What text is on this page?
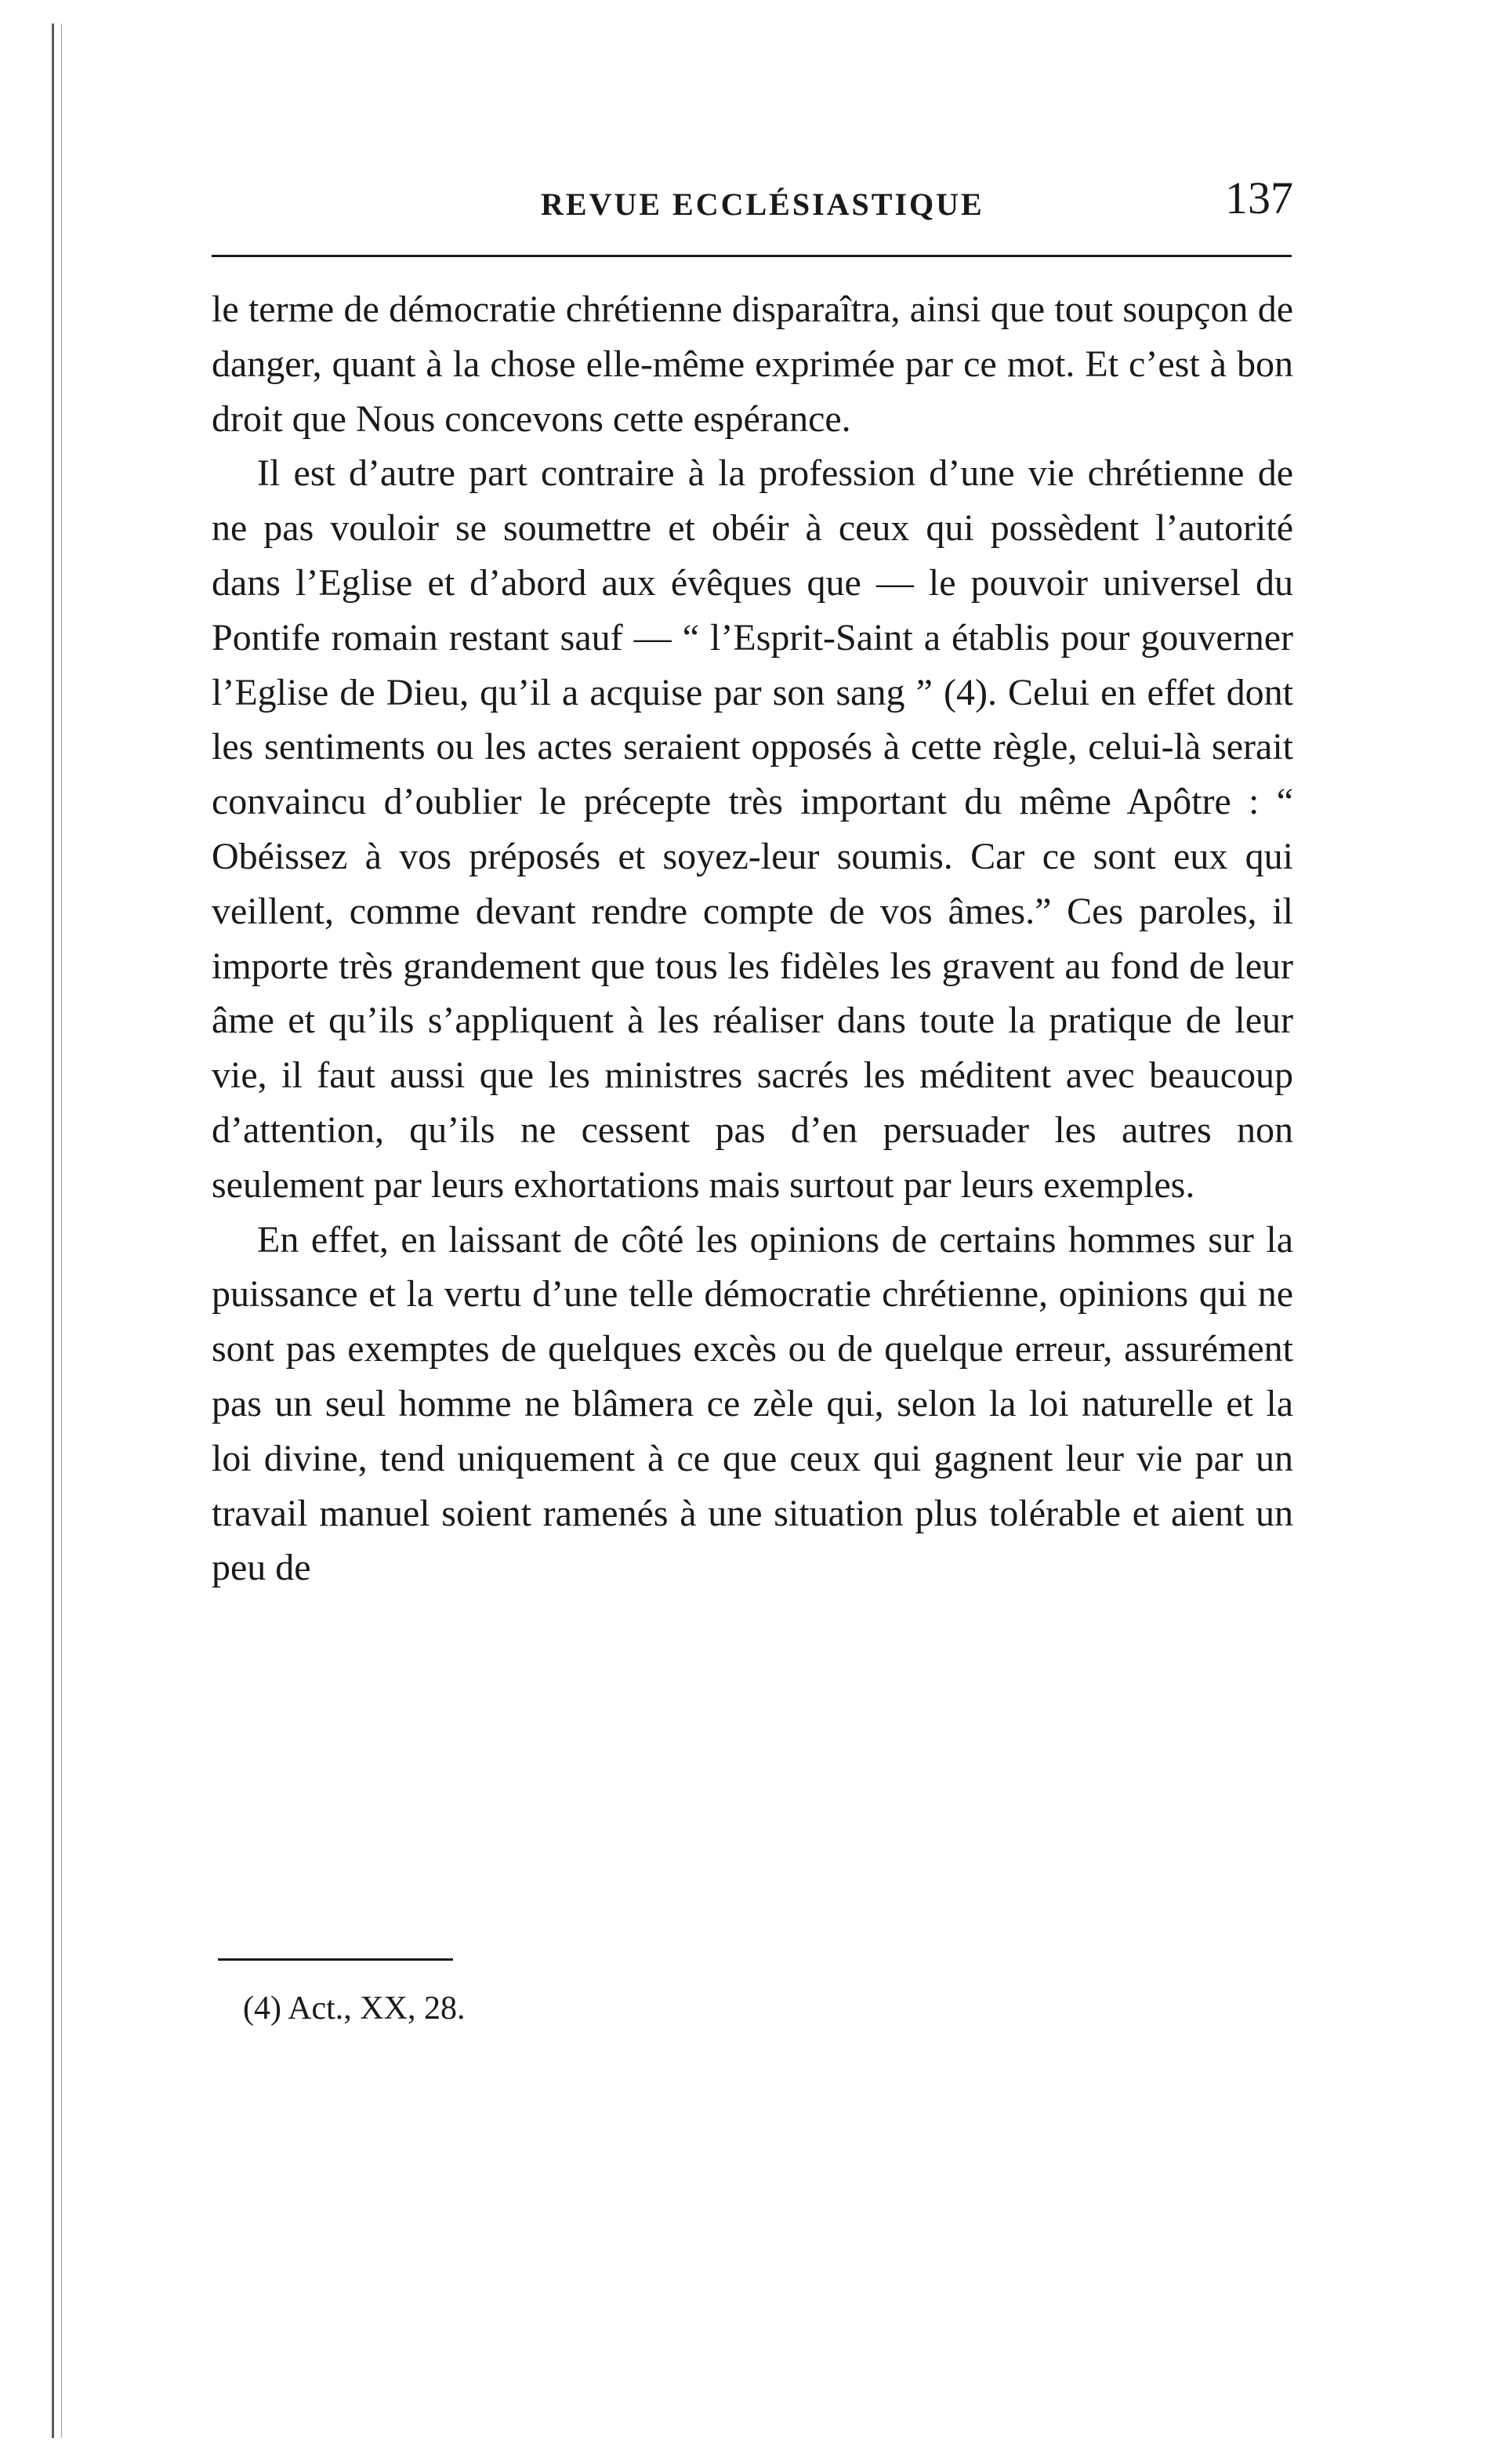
REVUE ECCLÉSIASTIQUE	137

le terme de démocratie chrétienne disparaîtra, ainsi que tout soupçon de danger, quant à la chose elle-même exprimée par ce mot. Et c’est à bon droit que Nous concevons cette espérance.

Il est d’autre part contraire à la profession d’une vie chrétienne de ne pas vouloir se soumettre et obéir à ceux qui possèdent l’autorité dans l’Eglise et d’abord aux évêques que — le pouvoir universel du Pontife romain restant sauf — “ l’Esprit-Saint a établis pour gouverner l’Eglise de Dieu, qu’il a acquise par son sang ” (4). Celui en effet dont les sentiments ou les actes seraient opposés à cette règle, celui-là serait convaincu d’oublier le précepte très important du même Apôtre : “ Obéissez à vos préposés et soyez-leur soumis. Car ce sont eux qui veillent, comme devant rendre compte de vos âmes.” Ces paroles, il importe très grandement que tous les fidèles les gravent au fond de leur âme et qu’ils s’appliquent à les réaliser dans toute la pratique de leur vie, il faut aussi que les ministres sacrés les méditent avec beaucoup d’attention, qu’ils ne cessent pas d’en persuader les autres non seulement par leurs exhortations mais surtout par leurs exemples.

En effet, en laissant de côté les opinions de certains hommes sur la puissance et la vertu d’une telle démocratie chrétienne, opinions qui ne sont pas exemptes de quelques excès ou de quelque erreur, assurément pas un seul homme ne blâmera ce zèle qui, selon la loi naturelle et la loi divine, tend uniquement à ce que ceux qui gagnent leur vie par un travail manuel soient ramenés à une situation plus tolérable et aient un peu de

(4) Act., XX, 28.
